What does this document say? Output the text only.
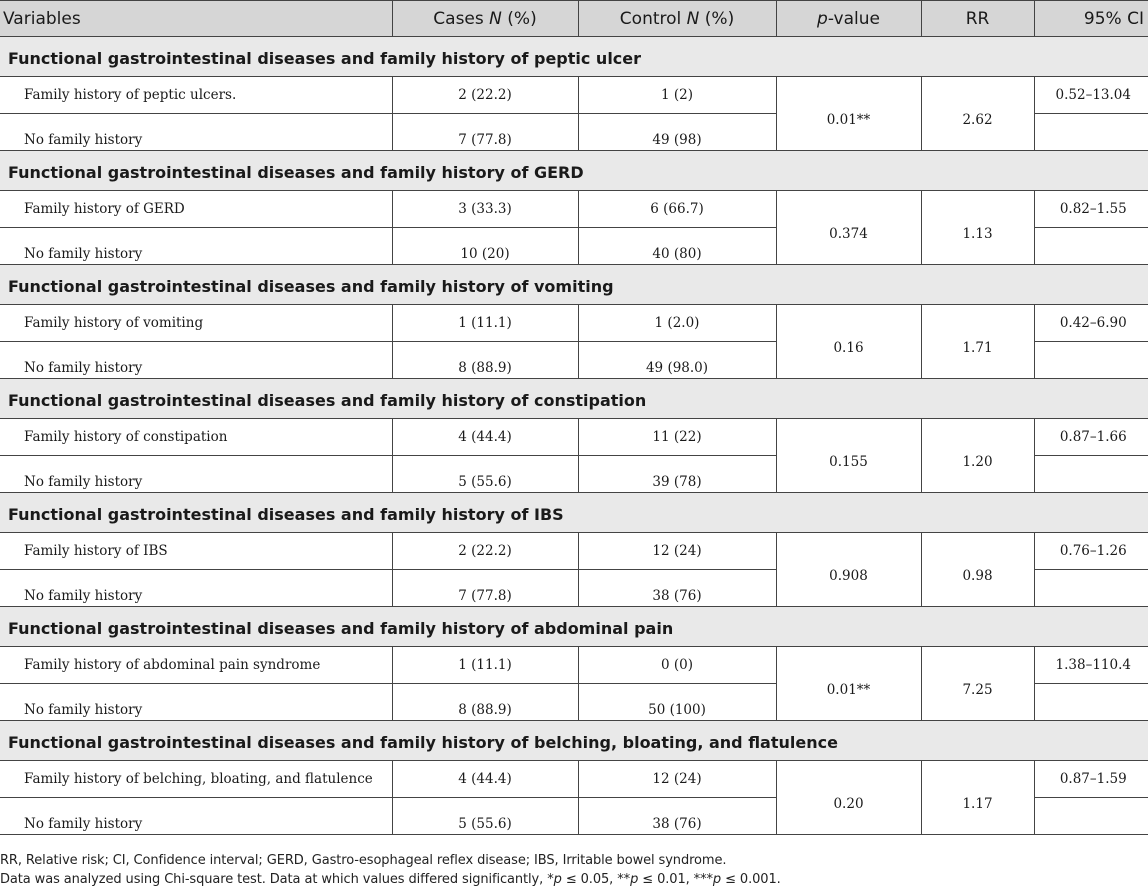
Variables	Cases N (%)	Control N (%)	p-value	RR	95% CI
Functional gastrointestinal diseases and family history of peptic ulcer					
Family history of peptic ulcers.	2 (22.2)	1 (2)	0.01**	2.62	0.52–13.04
No family history	7 (77.8)	49 (98)			
Functional gastrointestinal diseases and family history of GERD					
Family history of GERD	3 (33.3)	6 (66.7)	0.374	1.13	0.82–1.55
No family history	10 (20)	40 (80)			
Functional gastrointestinal diseases and family history of vomiting					
Family history of vomiting	1 (11.1)	1 (2.0)	0.16	1.71	0.42–6.90
No family history	8 (88.9)	49 (98.0)			
Functional gastrointestinal diseases and family history of constipation					
Family history of constipation	4 (44.4)	11 (22)	0.155	1.20	0.87–1.66
No family history	5 (55.6)	39 (78)			
Functional gastrointestinal diseases and family history of IBS					
Family history of IBS	2 (22.2)	12 (24)	0.908	0.98	0.76–1.26
No family history	7 (77.8)	38 (76)			
Functional gastrointestinal diseases and family history of abdominal pain					
Family history of abdominal pain syndrome	1 (11.1)	0 (0)	0.01**	7.25	1.38–110.4
No family history	8 (88.9)	50 (100)			
Functional gastrointestinal diseases and family history of belching, bloating, and flatulence					
Family history of belching, bloating, and flatulence	4 (44.4)	12 (24)	0.20	1.17	0.87–1.59
No family history	5 (55.6)	38 (76)			
RR, Relative risk; CI, Confidence interval; GERD, Gastro-esophageal reflex disease; IBS, Irritable bowel syndrome.
Data was analyzed using Chi-square test. Data at which values differed significantly, *p ≤ 0.05, **p ≤ 0.01, ***p ≤ 0.001.
